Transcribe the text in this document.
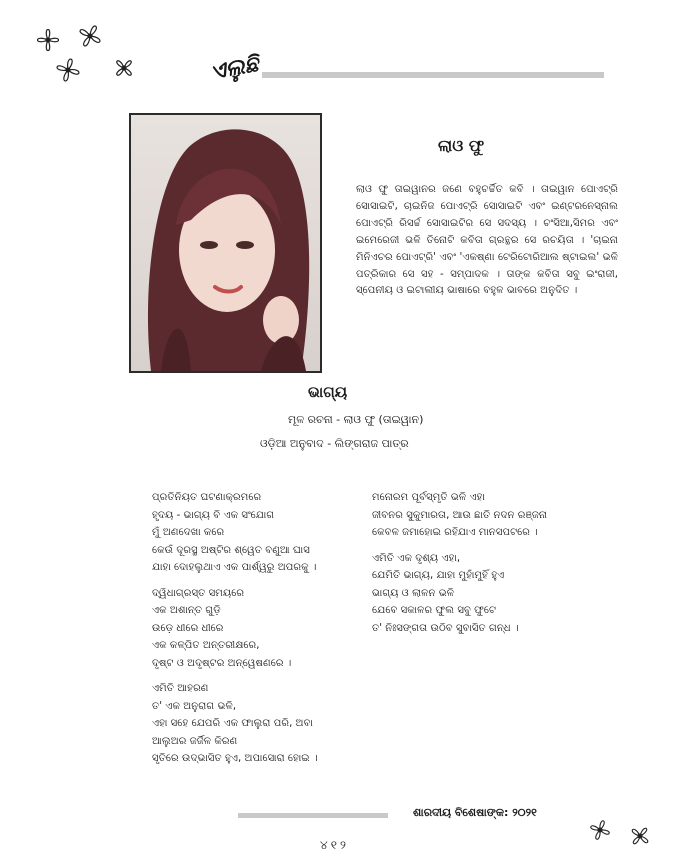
ଏଲୁଛି
ଲାଓ ଫୁ

ଲାଓ ଫୁ ତାଇୱାନର ଜଣେ ବହୁଚର୍ଚ୍ଚିତ କବି । ତାଇୱାନ ପୋଏଟ୍ରି ସୋସାଇଟି, ଚାଇନିଜ ପୋଏଟ୍ରି ସୋସାଇଟି ଏବଂ ଇଣ୍ଟରନେସ୍ନାଲ ପୋଏଟ୍ରି ରିସର୍ଚ୍ଚ ସୋସାଇଟିର ସେ ସଦସ୍ୟ । ଚଂସିଆ,ସିମର ଏବଂ ଇମେରେଜୀ ଭଳି ତିନୋଟି କବିତା ଗ୍ରନ୍ଥର ସେ ରଚୟିତା । 'ଚାଇନା ମିନିଏଚର ପୋଏଟ୍ରି' ଏବଂ 'ଏକଷ୍ଣା ଟେରିଟୋରିଆଲ ଷ୍ଟାଇଲ' ଭଳି ପତ୍ରିକାର ସେ ସହ - ସମ୍ପାଦକ । ତାଙ୍କ କବିତା ସବୁ ଇଂରାଜୀ, ସ୍ପେନୀୟ ଓ ଇଟାଲୀୟ ଭାଷାରେ ବହୁଳ ଭାବରେ ଅନୁଦିତ ।

ଭାଗ୍ୟ
ମୂଳ ରଚନା - ଲାଓ ଫୁ (ତାଇୱାନ)
ଓଡ଼ିଆ ଅନୁବାଦ - ଲିଙ୍ଗରାଜ ପାତ୍ର
ପ୍ରତିନିୟତ ଘଟଣାକ୍ରମରେ
ହୃଦୟ - ଭାଗ୍ୟ ବି ଏକ ସଂଯୋଗ
ମୁଁ ଅଣଦେଖା କରେ
କେଉଁ ଦୂରସ୍ଥ ଅଷ୍ଟିର ଶ୍ୱେତ ବଣୁଆ ଘାସ
ଯାହା ଦୋହଲୁଥାଏ ଏକ ପାର୍ଶ୍ୱରୁ ଅପରକୁ ।
ଦ୍ୱିଧାଗ୍ରସ୍ତ ସମୟରେ
ଏକ ଅଶାନ୍ତ ଗୁଡ଼ି
ଉଡ଼େ ଧୀରେ ଧୀରେ
ଏକ କଳ୍ପିତ ଅନ୍ତରୀକ୍ଷରେ,
ଦୃଷ୍ଟ ଓ ଅଦୃଷ୍ଟର ଅନ୍ୱେଷଣରେ ।
ଏମିତି ଆହରଣ
ତ' ଏକ ଅନୁରାଗ ଭଳି,
ଏହା ସହେ ଯେପରି ଏକ ଫାଲୁରା ପରି, ଅବା
ଆଲୁଅର ଜର୍ଜିଳ କିରଣ
ସୃତିରେ ଉଦ୍ଭାସିତ ହୁଏ, ଅପାସୋରା ହୋଇ ।
ମନୋରମ ପୂର୍ବସ୍ମୃତି ଭଳି ଏହା
ଜୀବନର ସୁକୁମାରତା, ଆଉ ଛାତି ନଦନ ରଞ୍ଜନା
କେବଳ ଜମାହୋଇ ରହିଯାଏ ମାନସପଟରେ ।
ଏମିତି ଏକ ଦୃଶ୍ୟ ଏହା,
ଯେମିତି ଭାଗ୍ୟ, ଯାହା ମୁହାଁମୁହିଁ ହୁଏ
ଭାଗ୍ୟ ଓ ଲାଳନ ଭଳି
ଯେବେ ସକାଳର ଫୁଲ ସବୁ ଫୁଟେ
ତ' ନିଃସଙ୍ଗତା ଉଠିବ ସୁବାସିତ ଗନ୍ଧ ।
ଶାରଦୀୟ ବିଶେଷାଙ୍କ: ୨୦୨୧
୪୧୨
